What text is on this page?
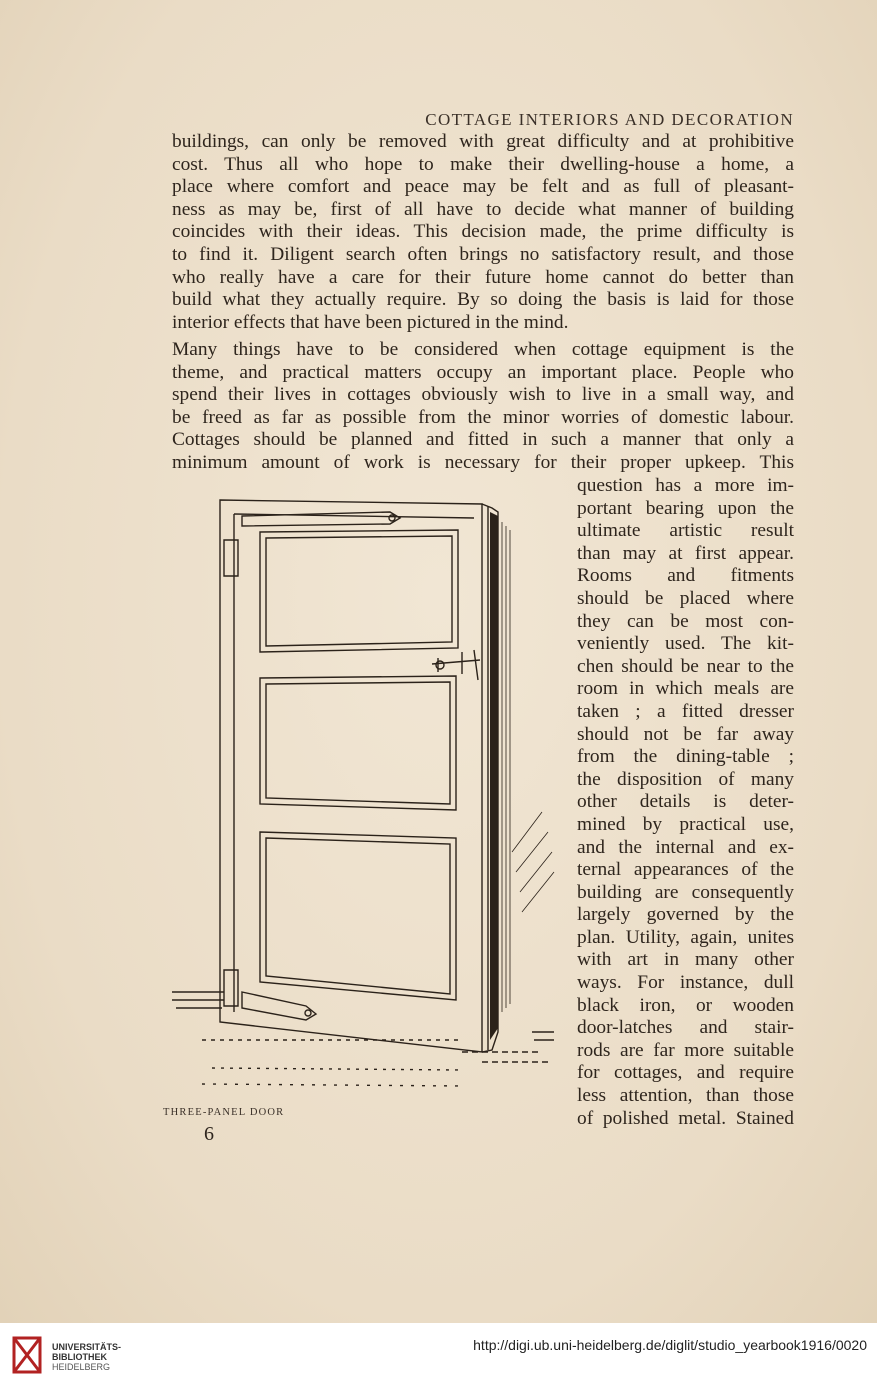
COTTAGE INTERIORS AND DECORATION
buildings, can only be removed with great difficulty and at prohibitive
cost. Thus all who hope to make their dwelling-house a home, a
place where comfort and peace may be felt and as full of pleasant-
ness as may be, first of all have to decide what manner of building
coincides with their ideas. This decision made, the prime difficulty is
to find it. Diligent search often brings no satisfactory result, and those
who really have a care for their future home cannot do better than
build what they actually require. By so doing the basis is laid for those
interior effects that have been pictured in the mind.
Many things have to be considered when cottage equipment is the
theme, and practical matters occupy an important place. People who
spend their lives in cottages obviously wish to live in a small way, and
be freed as far as possible from the minor worries of domestic labour.
Cottages should be planned and fitted in such a manner that only a
minimum amount of work is necessary for their proper upkeep. This
question has a more im-
portant bearing upon the
ultimate artistic result
than may at first appear.
Rooms and fitments
should be placed where
they can be most con-
veniently used. The kit-
chen should be near to the
room in which meals are
taken ; a fitted dresser
should not be far away
from the dining-table ;
the disposition of many
other details is deter-
mined by practical use,
and the internal and ex-
ternal appearances of the
building are consequently
largely governed by the
plan. Utility, again, unites
with art in many other
ways. For instance, dull
black iron, or wooden
door-latches and stair-
rods are far more suitable
for cottages, and require
less attention, than those
of polished metal. Stained
THREE-PANEL DOOR
6
UNIVERSITÄTS-
BIBLIOTHEK
HEIDELBERG
http://digi.ub.uni-heidelberg.de/diglit/studio_yearbook1916/0020
